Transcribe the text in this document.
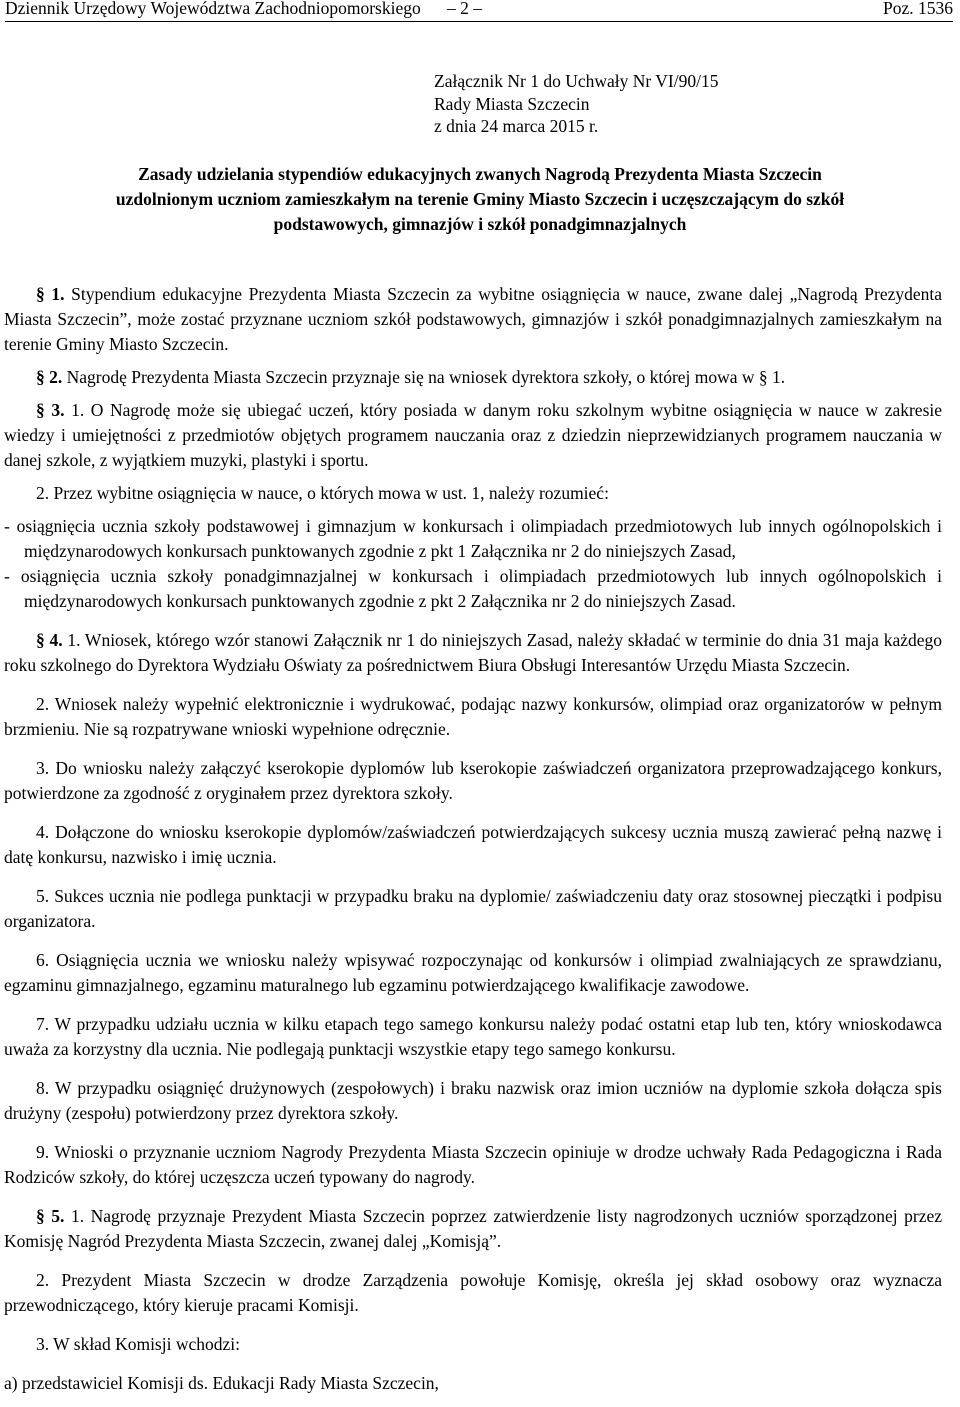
Dziennik Urzędowy Województwa Zachodniopomorskiego – 2 –	Poz. 1536
Załącznik Nr 1 do Uchwały Nr VI/90/15
Rady Miasta Szczecin
z dnia 24 marca 2015 r.
Zasady udzielania stypendiów edukacyjnych zwanych Nagrodą Prezydenta Miasta Szczecin
uzdolnionym uczniom zamieszkałym na terenie Gminy Miasto Szczecin i uczęszczającym do szkół
podstawowych, gimnazjów i szkół ponadgimnazjalnych

§ 1. Stypendium edukacyjne Prezydenta Miasta Szczecin za wybitne osiągnięcia w nauce, zwane dalej „Nagrodą Prezydenta Miasta Szczecin”, może zostać przyznane uczniom szkół podstawowych, gimnazjów i szkół ponadgimnazjalnych zamieszkałym na terenie Gminy Miasto Szczecin.

§ 2. Nagrodę Prezydenta Miasta Szczecin przyznaje się na wniosek dyrektora szkoły, o której mowa w § 1.

§ 3. 1. O Nagrodę może się ubiegać uczeń, który posiada w danym roku szkolnym wybitne osiągnięcia w nauce w zakresie wiedzy i umiejętności z przedmiotów objętych programem nauczania oraz z dziedzin nieprzewidzianych programem nauczania w danej szkole, z wyjątkiem muzyki, plastyki i sportu.

2. Przez wybitne osiągnięcia w nauce, o których mowa w ust. 1, należy rozumieć:

- osiągnięcia ucznia szkoły podstawowej i gimnazjum w konkursach i olimpiadach przedmiotowych lub innych ogólnopolskich i międzynarodowych konkursach punktowanych zgodnie z pkt 1 Załącznika nr 2 do niniejszych Zasad,

- osiągnięcia ucznia szkoły ponadgimnazjalnej w konkursach i olimpiadach przedmiotowych lub innych ogólnopolskich i międzynarodowych konkursach punktowanych zgodnie z pkt 2 Załącznika nr 2 do niniejszych Zasad.

§ 4. 1. Wniosek, którego wzór stanowi Załącznik nr 1 do niniejszych Zasad, należy składać w terminie do dnia 31 maja każdego roku szkolnego do Dyrektora Wydziału Oświaty za pośrednictwem Biura Obsługi Interesantów Urzędu Miasta Szczecin.

2. Wniosek należy wypełnić elektronicznie i wydrukować, podając nazwy konkursów, olimpiad oraz organizatorów w pełnym brzmieniu. Nie są rozpatrywane wnioski wypełnione odręcznie.

3. Do wniosku należy załączyć kserokopie dyplomów lub kserokopie zaświadczeń organizatora przeprowadzającego konkurs, potwierdzone za zgodność z oryginałem przez dyrektora szkoły.

4. Dołączone do wniosku kserokopie dyplomów/zaświadczeń potwierdzających sukcesy ucznia muszą zawierać pełną nazwę i datę konkursu, nazwisko i imię ucznia.

5. Sukces ucznia nie podlega punktacji w przypadku braku na dyplomie/ zaświadczeniu daty oraz stosownej pieczątki i podpisu organizatora.

6. Osiągnięcia ucznia we wniosku należy wpisywać rozpoczynając od konkursów i olimpiad zwalniających ze sprawdzianu, egzaminu gimnazjalnego, egzaminu maturalnego lub egzaminu potwierdzającego kwalifikacje zawodowe.

7. W przypadku udziału ucznia w kilku etapach tego samego konkursu należy podać ostatni etap lub ten, który wnioskodawca uważa za korzystny dla ucznia. Nie podlegają punktacji wszystkie etapy tego samego konkursu.

8. W przypadku osiągnięć drużynowych (zespołowych) i braku nazwisk oraz imion uczniów na dyplomie szkoła dołącza spis drużyny (zespołu) potwierdzony przez dyrektora szkoły.

9. Wnioski o przyznanie uczniom Nagrody Prezydenta Miasta Szczecin opiniuje w drodze uchwały Rada Pedagogiczna i Rada Rodziców szkoły, do której uczęszcza uczeń typowany do nagrody.

§ 5. 1. Nagrodę przyznaje Prezydent Miasta Szczecin poprzez zatwierdzenie listy nagrodzonych uczniów sporządzonej przez Komisję Nagród Prezydenta Miasta Szczecin, zwanej dalej „Komisją”.

2. Prezydent Miasta Szczecin w drodze Zarządzenia powołuje Komisję, określa jej skład osobowy oraz wyznacza przewodniczącego, który kieruje pracami Komisji.

3. W skład Komisji wchodzi:

a) przedstawiciel Komisji ds. Edukacji Rady Miasta Szczecin,
